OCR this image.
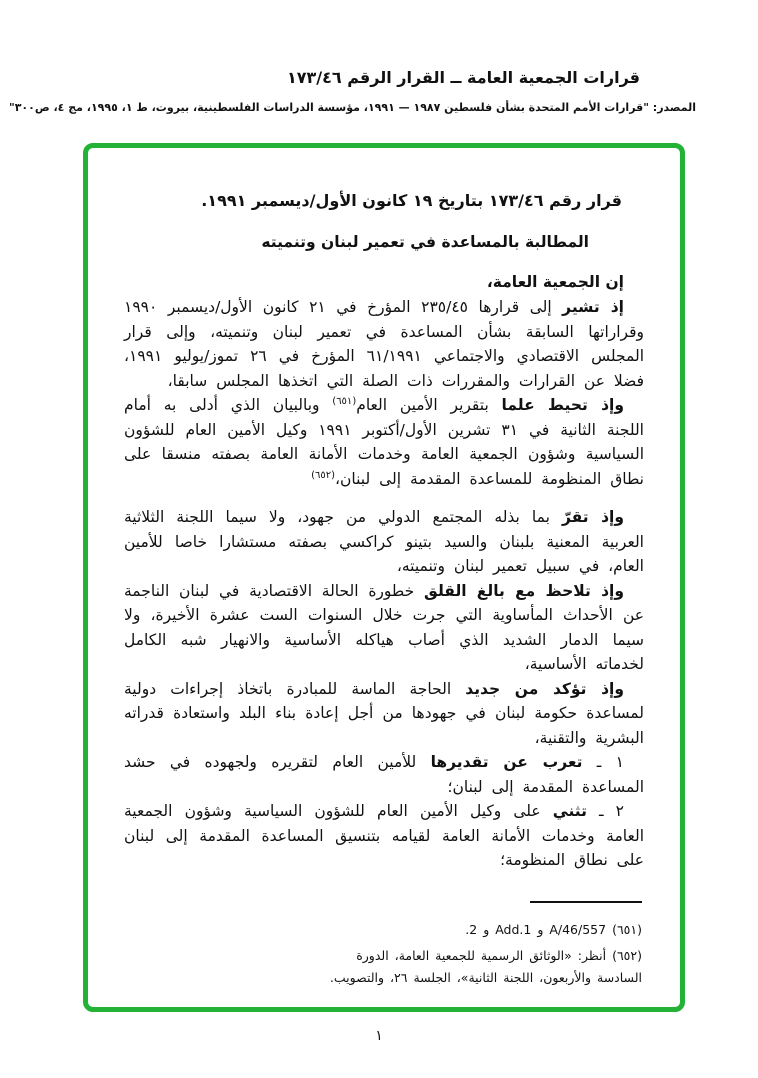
قرارات الجمعية العامة ــ القرار الرقم ١٧٣/٤٦
المصدر: "قرارات الأمم المتحدة بشأن فلسطين ١٩٨٧ — ١٩٩١، مؤسسة الدراسات الفلسطينية، بيروت، ط ١، ١٩٩٥، مج ٤، ص٣٠٠"

قرار رقم ١٧٣/٤٦ بتاريخ ١٩ كانون الأول/ديسمبر ١٩٩١.

المطالبة بالمساعدة في تعمير لبنان وتنميته

إن الجمعية العامة،

إذ تشير إلى قرارها ٢٣٥/٤٥ المؤرخ في ٢١ كانون الأول/ديسمبر ١٩٩٠ وقراراتها السابقة بشأن المساعدة في تعمير لبنان وتنميته، وإلى قرار المجلس الاقتصادي والاجتماعي ٦١/١٩٩١ المؤرخ في ٢٦ تموز/يوليو ١٩٩١، فضلا عن القرارات والمقررات ذات الصلة التي اتخذها المجلس سابقا،

وإذ تحيط علما بتقرير الأمين العام$^{(٦٥١)}$ وبالبيان الذي أدلى به أمام اللجنة الثانية في ٣١ تشرين الأول/أكتوبر ١٩٩١ وكيل الأمين العام للشؤون السياسية وشؤون الجمعية العامة وخدمات الأمانة العامة بصفته منسقا على نطاق المنظومة للمساعدة المقدمة إلى لبنان،$^{(٦٥٢)}$

وإذ تقرّ بما بذله المجتمع الدولي من جهود، ولا سيما اللجنة الثلاثية العربية المعنية بلبنان والسيد بتينو كراكسي بصفته مستشارا خاصا للأمين العام، في سبيل تعمير لبنان وتنميته،

وإذ تلاحظ مع بالغ القلق خطورة الحالة الاقتصادية في لبنان الناجمة عن الأحداث المأساوية التي جرت خلال السنوات الست عشرة الأخيرة، ولا سيما الدمار الشديد الذي أصاب هياكله الأساسية والانهيار شبه الكامل لخدماته الأساسية،

وإذ تؤكد من جديد الحاجة الماسة للمبادرة باتخاذ إجراءات دولية لمساعدة حكومة لبنان في جهودها من أجل إعادة بناء البلد واستعادة قدراته البشرية والتقنية،

١ ـ تعرب عن تقديرها للأمين العام لتقريره ولجهوده في حشد المساعدة المقدمة إلى لبنان؛

٢ ـ تثني على وكيل الأمين العام للشؤون السياسية وشؤون الجمعية العامة وخدمات الأمانة العامة لقيامه بتنسيق المساعدة المقدمة إلى لبنان على نطاق المنظومة؛

(٦٥١) A/46/557 و Add.1 و 2.

(٦٥٢) أنظر: «الوثائق الرسمية للجمعية العامة، الدورة السادسة والأربعون، اللجنة الثانية»، الجلسة ٢٦، والتصويب.

١
